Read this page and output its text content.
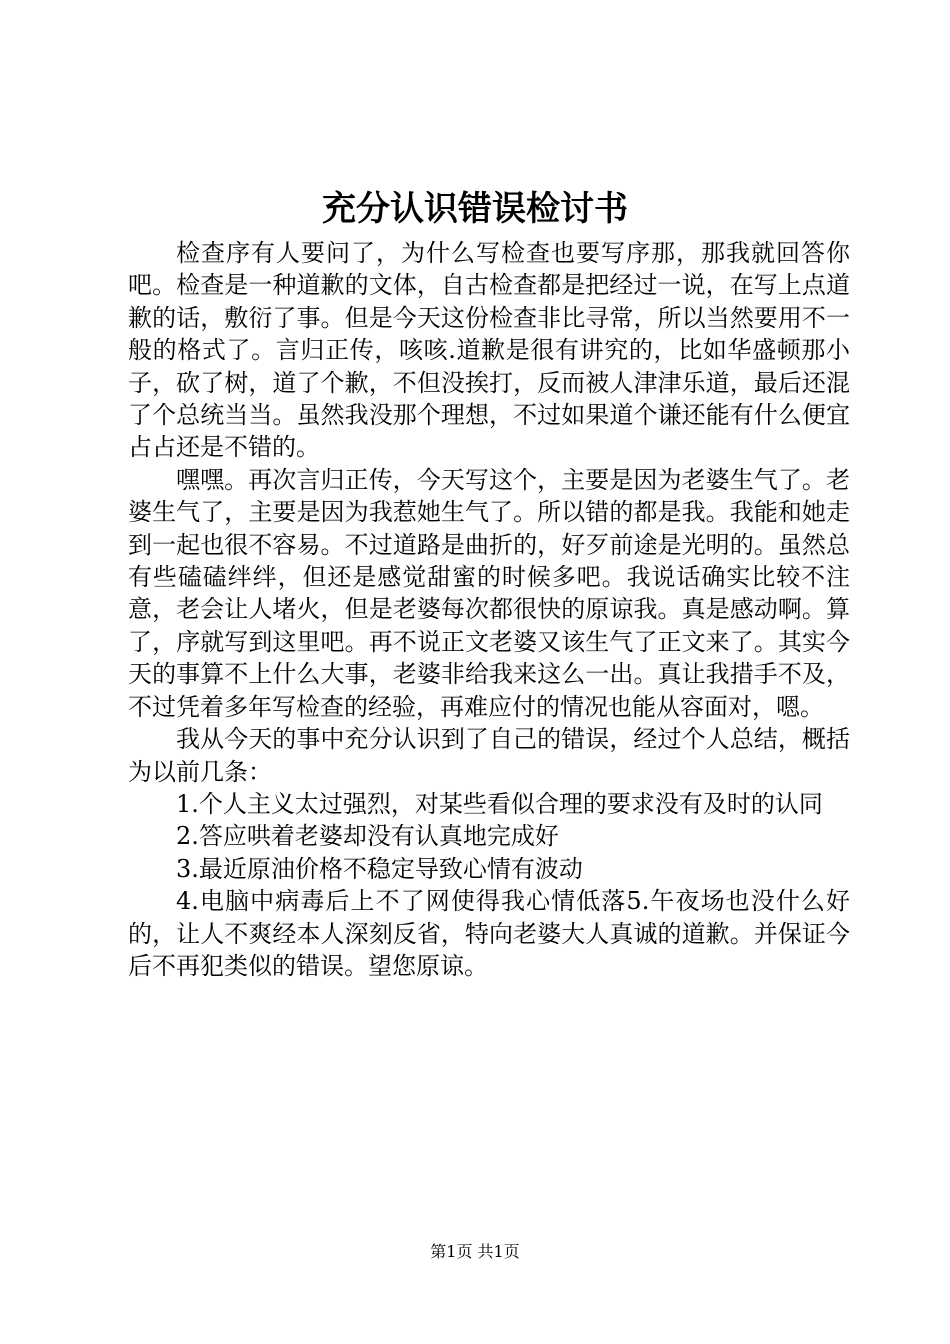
充分认识错误检讨书

检查序有人要问了，为什么写检查也要写序那，那我就回答你吧。检查是一种道歉的文体，自古检查都是把经过一说，在写上点道歉的话，敷衍了事。但是今天这份检查非比寻常，所以当然要用不一般的格式了。言归正传，咳咳.道歉是很有讲究的，比如华盛顿那小子，砍了树，道了个歉，不但没挨打，反而被人津津乐道，最后还混了个总统当当。虽然我没那个理想，不过如果道个谦还能有什么便宜占占还是不错的。

嘿嘿。再次言归正传，今天写这个，主要是因为老婆生气了。老婆生气了，主要是因为我惹她生气了。所以错的都是我。我能和她走到一起也很不容易。不过道路是曲折的，好歹前途是光明的。虽然总有些磕磕绊绊，但还是感觉甜蜜的时候多吧。我说话确实比较不注意，老会让人堵火，但是老婆每次都很快的原谅我。真是感动啊。算了，序就写到这里吧。再不说正文老婆又该生气了正文来了。其实今天的事算不上什么大事，老婆非给我来这么一出。真让我措手不及，不过凭着多年写检查的经验，再难应付的情况也能从容面对，嗯。

我从今天的事中充分认识到了自己的错误，经过个人总结，概括为以前几条：

1.个人主义太过强烈，对某些看似合理的要求没有及时的认同

2.答应哄着老婆却没有认真地完成好

3.最近原油价格不稳定导致心情有波动

4.电脑中病毒后上不了网使得我心情低落5.午夜场也没什么好的，让人不爽经本人深刻反省，特向老婆大人真诚的道歉。并保证今后不再犯类似的错误。望您原谅。

第1页 共1页
